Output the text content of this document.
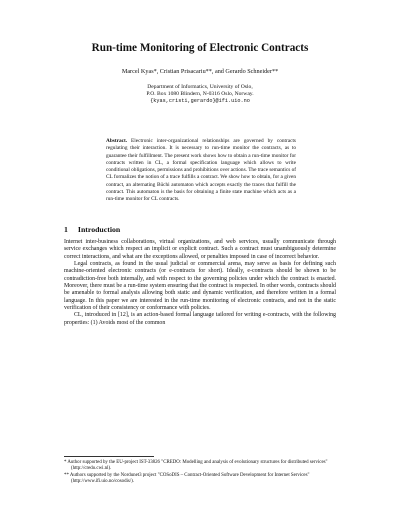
Run-time Monitoring of Electronic Contracts
Marcel Kyas*, Cristian Prisacariu**, and Gerardo Schneider**
Department of Informatics, University of Oslo,
P.O. Box 1080 Blindern, N-0316 Oslo, Norway.
{kyas,cristi,gerardo}@ifi.uio.no
Abstract. Electronic inter-organizational relationships are governed by contracts regulating their interaction. It is necessary to run-time monitor the contracts, as to guarantee their fulfillment. The present work shows how to obtain a run-time monitor for contracts written in CL, a formal specification language which allows to write conditional obligations, permissions and prohibitions over actions. The trace semantics of CL formalizes the notion of a trace fulfills a contract. We show how to obtain, for a given contract, an alternating Büchi automaton which accepts exactly the traces that fulfill the contract. This automaton is the basis for obtaining a finite state machine which acts as a run-time monitor for CL contracts.
1 Introduction

Internet inter-business collaborations, virtual organizations, and web services, usually communicate through service exchanges which respect an implicit or explicit contract. Such a contract must unambiguously determine correct interactions, and what are the exceptions allowed, or penalties imposed in case of incorrect behavior.

Legal contracts, as found in the usual judicial or commercial arena, may serve as basis for defining such machine-oriented electronic contracts (or e-contracts for short). Ideally, e-contracts should be shown to be contradiction-free both internally, and with respect to the governing policies under which the contract is enacted. Moreover, there must be a run-time system ensuring that the contract is respected. In other words, contracts should be amenable to formal analysis allowing both static and dynamic verification, and therefore written in a formal language. In this paper we are interested in the run-time monitoring of electronic contracts, and not in the static verification of their consistency or conformance with policies.

CL, introduced in [12], is an action-based formal language tailored for writing e-contracts, with the following properties: (1) Avoids most of the common

* Author supported by the EU-project IST-33826 "CREDO: Modelling and analysis of evolutionary structures for distributed services" (http://credo.cwi.nl).

** Authors supported by the Nordunet3 project "COSoDIS – Contract-Oriented Software Development for Internet Services" (http://www.ifi.uio.no/cosodis/).
